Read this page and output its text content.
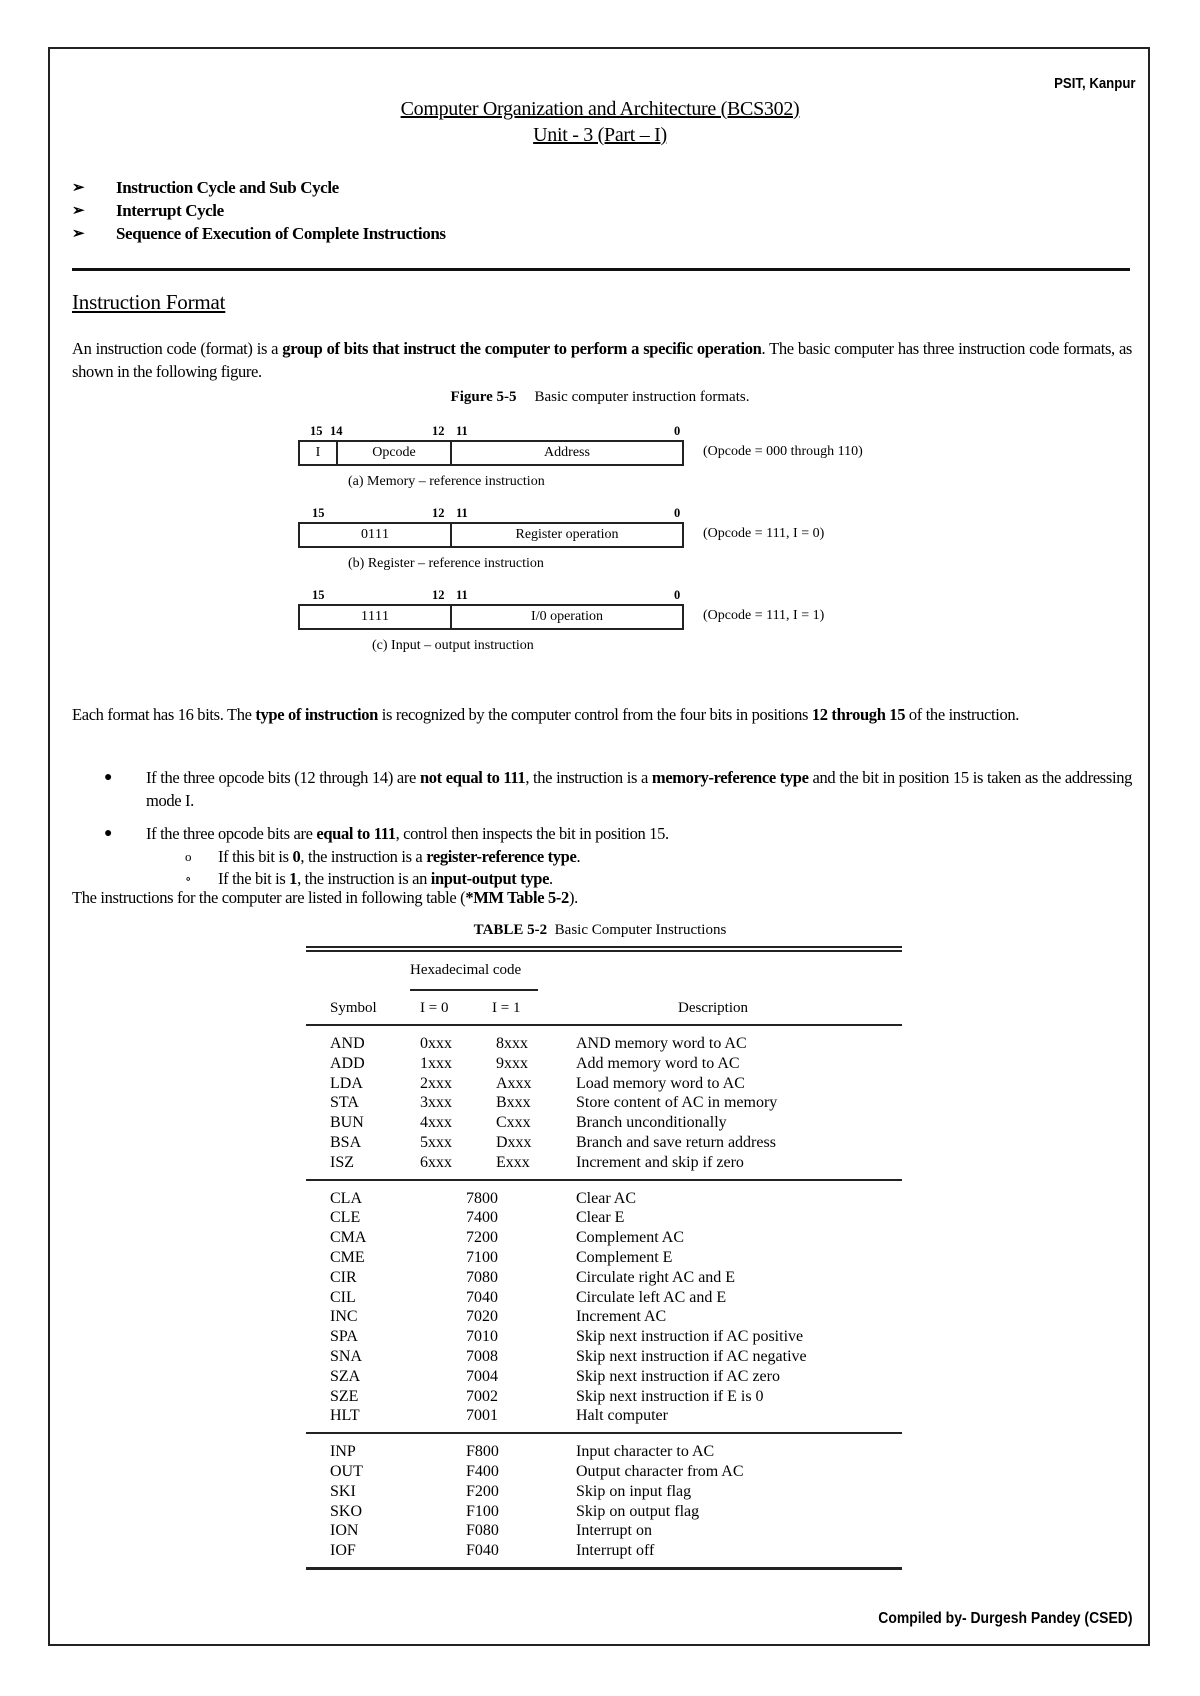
PSIT, Kanpur
Computer Organization and Architecture (BCS302)
Unit - 3 (Part – I)
➢	Instruction Cycle and Sub Cycle
➢	Interrupt Cycle
➢	Sequence of Execution of Complete Instructions
Instruction Format
An instruction code (format) is a group of bits that instruct the computer to perform a specific operation. The basic computer has three instruction code formats, as shown in the following figure.
Figure 5-5 Basic computer instruction formats.
15 14	12 11	0
I	Opcode	Address	(Opcode = 000 through 110)
(a) Memory – reference instruction
15	12 11	0
0 1 1 1	Register operation	(Opcode = 111, I = 0)
(b) Register – reference instruction
15	12 11	0
1 1 1 1	I/0 operation	(Opcode = 111, I = 1)
(c) Input – output instruction
Each format has 16 bits. The type of instruction is recognized by the computer control from the four bits in positions 12 through 15 of the instruction.
● If the three opcode bits (12 through 14) are not equal to 111, the instruction is a memory-reference type and the bit in position 15 is taken as the addressing mode I.
● If the three opcode bits are equal to 111, control then inspects the bit in position 15.
o If this bit is 0, the instruction is a register-reference type.
∘ If the bit is 1, the instruction is an input-output type.
The instructions for the computer are listed in following table (*MM Table 5-2).
TABLE 5-2 Basic Computer Instructions
Hexadecimal code
Symbol	I = 0	I = 1	Description
AND	0xxx	8xxx	AND memory word to AC
ADD	1xxx	9xxx	Add memory word to AC
LDA	2xxx	Axxx	Load memory word to AC
STA	3xxx	Bxxx	Store content of AC in memory
BUN	4xxx	Cxxx	Branch unconditionally
BSA	5xxx	Dxxx	Branch and save return address
ISZ	6xxx	Exxx	Increment and skip if zero
CLA	7800	Clear AC
CLE	7400	Clear E
CMA	7200	Complement AC
CME	7100	Complement E
CIR	7080	Circulate right AC and E
CIL	7040	Circulate left AC and E
INC	7020	Increment AC
SPA	7010	Skip next instruction if AC positive
SNA	7008	Skip next instruction if AC negative
SZA	7004	Skip next instruction if AC zero
SZE	7002	Skip next instruction if E is 0
HLT	7001	Halt computer
INP	F800	Input character to AC
OUT	F400	Output character from AC
SKI	F200	Skip on input flag
SKO	F100	Skip on output flag
ION	F080	Interrupt on
IOF	F040	Interrupt off
Compiled by- Durgesh Pandey (CSED)
